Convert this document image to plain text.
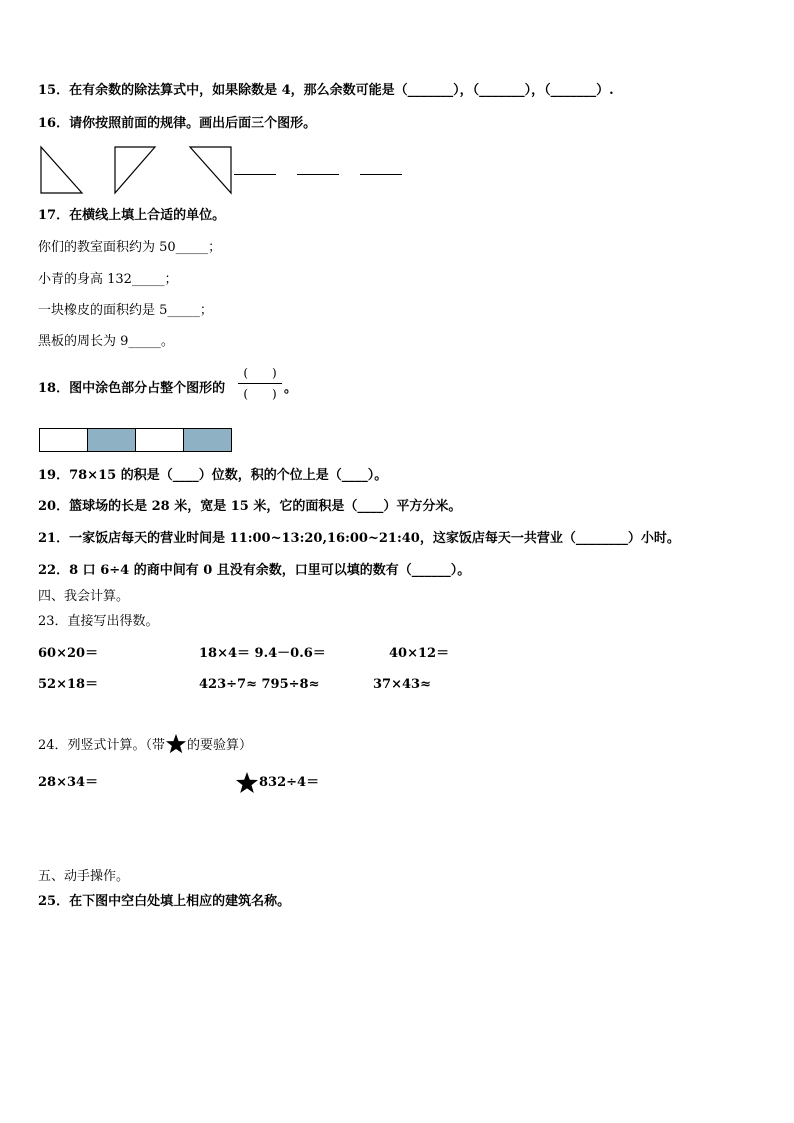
15．在有余数的除法算式中，如果除数是 4，那么余数可能是（_______），（_______），（_______）.
16．请你按照前面的规律。画出后面三个图形。
17．在横线上填上合适的单位。
你们的教室面积约为 50_____；
小青的身高 132_____；
一块橡皮的面积约是 5_____；
黑板的周长为 9_____。
18．图中涂色部分占整个图形的
(　　)
(　　) 。
19．78×15 的积是（____）位数，积的个位上是（____）。
20．篮球场的长是 28 米，宽是 15 米，它的面积是（____）平方分米。
21．一家饭店每天的营业时间是 11:00~13:20,16:00~21:40，这家饭店每天一共营业（________）小时。
22．8 口 6÷4 的商中间有 0 且没有余数，口里可以填的数有（______）。
四、我会计算。
23．直接写出得数。
60×20＝	18×4＝ 9.4－0.6＝	40×12＝
52×18＝	423÷7≈ 795÷8≈	37×43≈
24．列竖式计算。（带 的要验算）
28×34＝	832÷4＝
五、动手操作。
25．在下图中空白处填上相应的建筑名称。
